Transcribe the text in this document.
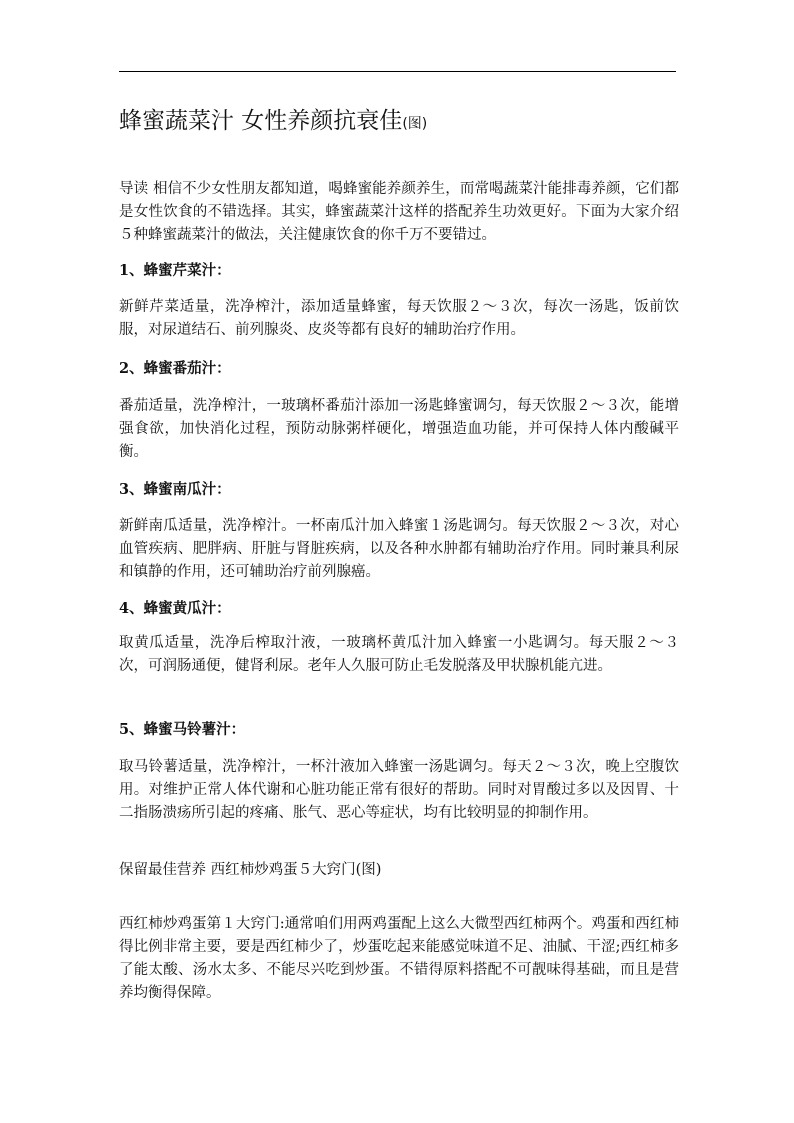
蜂蜜蔬菜汁 女性养颜抗衰佳(图)

导读 相信不少女性朋友都知道，喝蜂蜜能养颜养生，而常喝蔬菜汁能排毒养颜，它们都是女性饮食的不错选择。其实，蜂蜜蔬菜汁这样的搭配养生功效更好。下面为大家介绍５种蜂蜜蔬菜汁的做法，关注健康饮食的你千万不要错过。

1、蜂蜜芹菜汁：

新鲜芹菜适量，洗净榨汁，添加适量蜂蜜，每天饮服２～３次，每次一汤匙，饭前饮服，对尿道结石、前列腺炎、皮炎等都有良好的辅助治疗作用。

2、蜂蜜番茄汁：

番茄适量，洗净榨汁，一玻璃杯番茄汁添加一汤匙蜂蜜调匀，每天饮服２～３次，能增强食欲，加快消化过程，预防动脉粥样硬化，增强造血功能，并可保持人体内酸碱平衡。

3、蜂蜜南瓜汁：

新鲜南瓜适量，洗净榨汁。一杯南瓜汁加入蜂蜜１汤匙调匀。每天饮服２～３次，对心血管疾病、肥胖病、肝脏与肾脏疾病，以及各种水肿都有辅助治疗作用。同时兼具利尿和镇静的作用，还可辅助治疗前列腺癌。

4、蜂蜜黄瓜汁：

取黄瓜适量，洗净后榨取汁液，一玻璃杯黄瓜汁加入蜂蜜一小匙调匀。每天服２～３次，可润肠通便，健肾利尿。老年人久服可防止毛发脱落及甲状腺机能亢进。

5、蜂蜜马铃薯汁：

取马铃薯适量，洗净榨汁，一杯汁液加入蜂蜜一汤匙调匀。每天２～３次，晚上空腹饮用。对维护正常人体代谢和心脏功能正常有很好的帮助。同时对胃酸过多以及因胃、十二指肠溃疡所引起的疼痛、胀气、恶心等症状，均有比较明显的抑制作用。

保留最佳营养 西红柿炒鸡蛋５大窍门(图)

西红柿炒鸡蛋第１大窍门:通常咱们用两鸡蛋配上这么大微型西红柿两个。鸡蛋和西红柿得比例非常主要，要是西红柿少了，炒蛋吃起来能感觉味道不足、油腻、干涩;西红柿多了能太酸、汤水太多、不能尽兴吃到炒蛋。不错得原料搭配不可靓味得基础，而且是营养均衡得保障。
